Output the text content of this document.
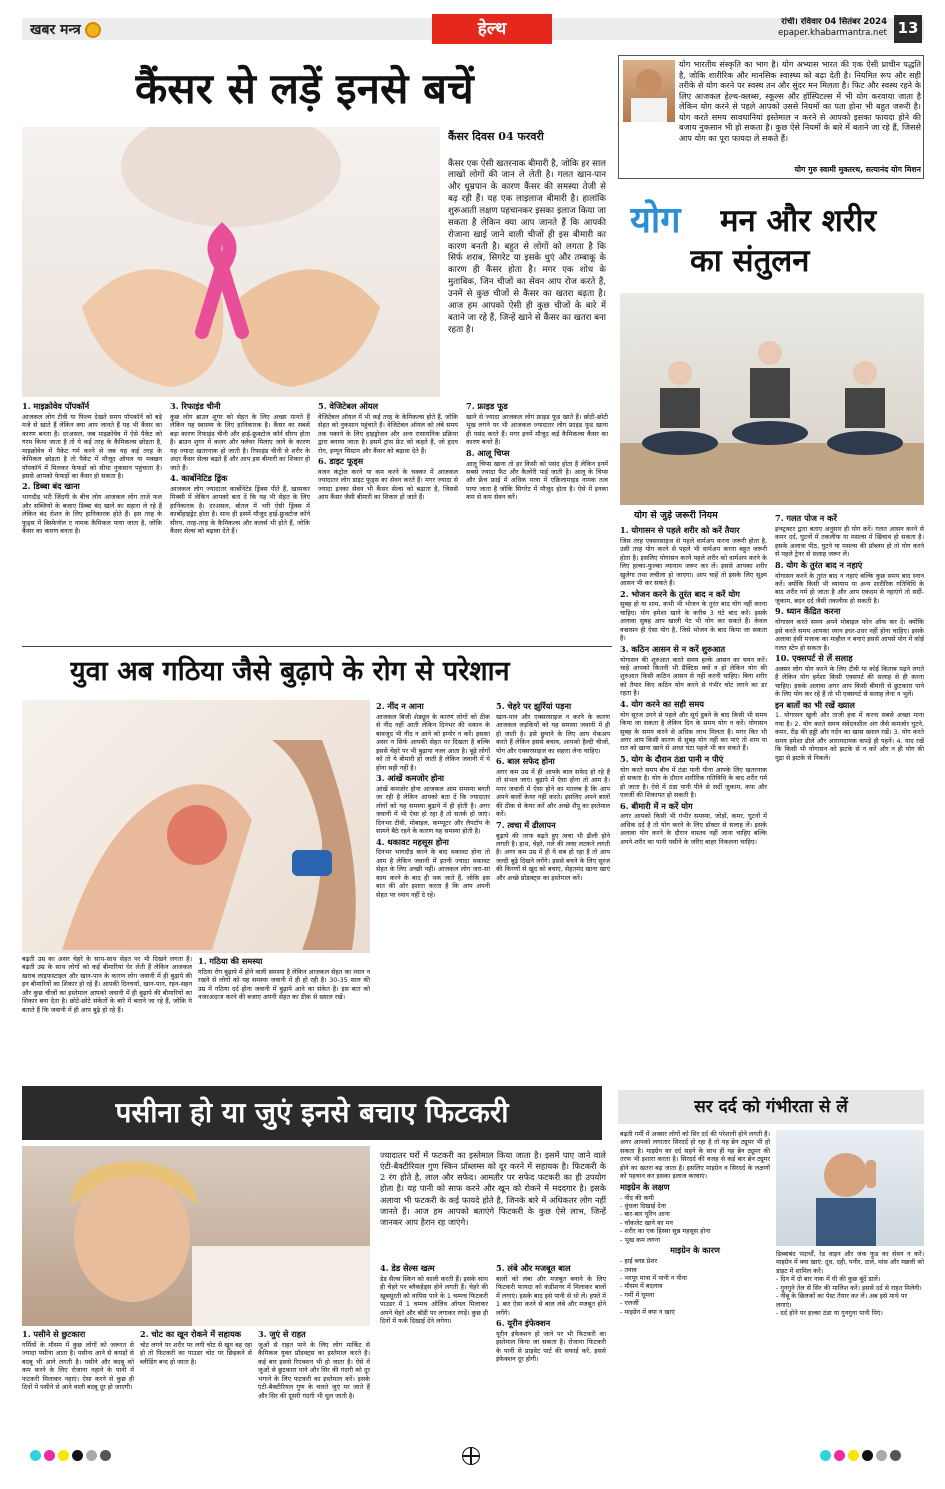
खबर मन्त्र	हेल्थ	रांची। रविवार 04 सितंबर 2024
epaper.khabarmantra.net 13
कैंसर से लड़ें इनसे बचें
कैंसर दिवस 04 फरवरी
कैंसर एक ऐसी खतरनाक बीमारी है, जोकि हर साल लाखों लोगों की जान ले लेती है। गलत खान-पान और धूम्रपान के कारण कैंसर की समस्या तेजी से बढ़ रही हैं। यह एक लाइलाज बीमारी है। हालांकि शुरूआती लक्षण पहचानकर इसका इलाज किया जा सकता है लेकिन क्या आप जानते हैं कि आपकी रोजाना खाई जाने वाली चीजों ही इस बीमारी का कारण बनती है। बहुत से लोगों को लगता है कि सिर्फ शराब, सिगरेट या इसके धुएं और तम्बाकू के कारण ही कैंसर होता है। मगर एक शोध के मुताबिक, जिन चीजों का सेवन आप रोज करते हैं, उनमें से कुछ चीजों से कैंसर का खतरा बढ़ता है। आज हम आपको ऐसी ही कुछ चीजों के बारे में बताने जा रहे हैं, जिन्हें खाने से कैंसर का खतरा बना रहता है।
1. माइक्रोवेव पॉपकॉर्न
आजकल लोग टीवी या फिल्म देखते समय पॉपकॉर्न को बड़े मजे से खाते हैं लेकिन क्या आप जानते हैं यह भी कैंसर का कारण बनता है। दरअसल, जब माइक्रोवेव में ऐसे पैकेट को गरम किया जाता है तो ये कई तरह के कैमिकल्स छोड़ता है, माइक्रोवेव में पैकेट गर्म करने से जब यह कई तरह के केमिकल छोड़ता है तो पैकेट में मौजूद ऑयल या मक्खन पॉपकॉर्न में मिलकर फेफड़ों को सीधा नुकसान पहुंचाता है। इससे आपको फेफड़ों का कैंसर हो सकता है।
2. डिब्बा बंद खाना
भागदौड़ भरी जिंदगी के बीच लोग आजकल लोग ताजे फल और सब्जियों के बजाए डिब्बा बंद खाने का सहारा ले रहे हैं लेकिन बंद रोशन के लिए हानिकारक होते हैं। इस तरह के फूड्स में बिस्फेनॉल ए नामक कैमिकल पाया जाता है, जोकि कैंसर का कारण बनता है।
3. रिफाइंड चीनी
कुछ लोग ब्राउन शुगर को सेहत के लिए अच्छा मानते हैं लेकिन यह स्वास्थ्य के लिए हानिकारक है। कैंसर का सबसे बड़ा कारण रिफाइंड चीनी और हाई-फ्रुक्टोज कॉर्न सीरप होता है। ब्राउन शुगर में कलर और फ्लेवर मिलाए जाने के कारण यह ज्यादा खतरनाक हो जाती है। रिफाइंड चीनी से शरीर के अंदर कैंसर सेल्स बढ़ते हैं और आप इस बीमारी का शिकार हो जाते हैं।
4. कार्बोनेटिड ड्रिंक
आजकल लोग ज्यादातर कार्बोनेटेड ड्रिंक्स पीते हैं, खासकर मिक्सी में लेकिन आपको बता दें कि यह भी सेहत के लिए हानिकारक है। दरअसल, बोतल में भरी ऐसी ड्रिंक्स में कार्बोहाइड्रेट होता है। साथ ही इसमें मौजूद हाई-फ्रुक्टोज कॉर्न सीरप, तरह-तरह के कैमिकल्स और कलर्स भी होते हैं, जोकि कैंसर सेल्स को बढ़ावा देते हैं।
5. वेजिटेबल ऑयल
वेजिटेबल ऑयल में भी कई तरह के केमिकल्स होते हैं, जोकि सेहत को नुकसान पहुंचाते हैं। वेजिटेबल ऑयल को लंबे समय तक पकाने के लिए हाइड्रोजन और अन्य रासायनिक प्रक्रिया द्वारा बनाया जाता है। इसमें ट्रांस फ्रेट को कहते हैं, जो हृदय रोग, इम्यून सिस्टम और कैंसर को बढ़ावा देते हैं।
6. डाइट फूड्स
वजन कंट्रोल करने या कम करने के चक्कर में आजकल ज्यादातर लोग डाइट फूड्स का सेवन करते हैं। मगर ज्यादा से ज्यादा इनका सेवन भी कैंसर सेल्स को बढ़ाता है, जिससे आप कैंसर जैसी बीमारी का शिकार हो जाते हैं।
7. फ्राइड फूड
खाने से ज्यादा आजकल लोग फ्राइड फूड खाते हैं। छोटी-छोटी भूख लगने पर भी आजकल ज्यादातर लोग फ्राइड फूड खाना ही पसंद करते हैं। मगर इनमें मौजूद कई कैमिकल्स कैंसर का कारण बनते हैं।
8. आलू चिप्स
आलू चिप्स खाना तो हर किसी को पसंद होता है लेकिन इनमें सबसे ज्यादा फैट और कैलोरी पाई जाती है। आलू के चिप्स और फ्रेंच फ्राई में अधिक मात्रा में एक्रिलामाइड नामक तत्व पाया जाता है जोकि सिगरेट में मौजूद होता है। ऐसे में इनका कम से कम सेवन करें।
योग भारतीय संस्कृति का भाग है। योग अभ्यास भारत की एक ऐसी प्राचीन पद्धति है, जोकि शारीरिक और मानसिक स्वास्थ्य को बढ़ा देती है। नियमित रूप और सही तरीके से योग करने पर स्वस्थ तन और सुंदर मन मिलता है। फिट और स्वस्थ रहने के लिए आजकल हेल्थ-क्लब्स, स्कूल्स और हॉस्पिटल्स में भी योग करवाया जाता है लेकिन योग करने से पहले आपको उससे नियमों का पता होना भी बहुत जरूरी है। योग करते समय सावधानियां इस्तेमाल न करने से आपको इसका फायदा होने की बजाय नुकसान भी हो सकता है। कुछ ऐसे नियमों के बारे में बताने जा रहे हैं, जिससे आप योग का पूरा फायदा ले सकते हैं।
योग गुरु स्वामी मुक्तरथ, सत्यानंद योग मिशन
योग	मन और शरीर
का संतुलन
योग से जुड़े जरूरी नियम
1. योगासन से पहले शरीर को करें तैयार
जिस तरह एक्सरसाइज से पहले वार्मअप करना जरूरी होता है, उसी तरह योग करने से पहले भी वार्मअप करना बहुत जरूरी होता है। इसलिए योगासन करने पहले शरीर को वार्मअप करने के लिए हल्का-फुल्का व्यायाम जरूर कर लें। इससे आपका शरीर खुलेगा तथा लचीला हो जाएगा। आप चाहें तो इसके लिए सूक्ष्म आसन भी कर सकते हैं।
2. भोजन करने के तुरंत बाद न करें योग
सुबह हो या शाम, कभी भी भोजन के तुरंत बाद योग नहीं करना चाहिए। योग हमेशा खाने के करीब 3 घंटे बाद करें। इसके अलावा सुबह आप खाली पेट भी योग कर सकते हैं। केवल वज्रासन ही ऐसा योग है, जिसे भोजन के बाद किया जा सकता है।
3. कठिन आसन से न करें शुरुआत
योगासन की शुरुआत करते समय हल्के आसन का चयन करें। चाहे आपको कितनी भी प्रैक्टिस क्यों न हो लेकिन योग की शुरुआत किसी कठिन आसन से नहीं करनी चाहिए। बिना शरीर को तैयार किए कठिन योग करने से गंभीर चोट लगने का डर रहता है।
4. योग करने का सही समय
योग सूरज उगने से पहले और सूर्य डूबने के बाद किसी भी समय किया जा सकता है लेकिन दिन के समय योग न करें। योगासन सुबह के समय करने से अधिक लाभ मिलता है। मगर किर भी अगर आप किसी कारण से सुबह योग नहीं कर पाएं तो शाम या रात को खाना खाने से आधा घंटा पहले भी कर सकते हैं।
5. योग के दौरान ठंडा पानी न पीएं
योग करते समय बीच में ठंडा पानी पीना आपके लिए खतरनाक हो सकता है। योग के दौरान शारीरिक गतिविधि के बाद शरीर गर्म हो जाता है। ऐसे में ठंडा पानी पीने से सर्दी जुकाम, कफ और एलर्जी की शिकायत हो सकती है।
6. बीमारी में न करें योग
अगर आपको किसी भी गंभीर समस्या, जोड़ों, कमर, घुटनों में अधिक दर्द है तो योग करने के लिए डॉक्टर से सलाह लें। इसके अलावा योग करने के दौरान वास्तव नहीं जाना चाहिए बल्कि अपने शरीर का पानी पसीने के जरिए बाहर निकलना चाहिए।
7. गलत पोज न करें
इन्स्ट्रक्टर द्वारा बताए अनुसार ही योग करें। गलत आसन करने से कमर दर्द, घुटनों में तकलीफ या मसल्स में खिंचाव हो सकता है। इसके अलावा पीठ, घुटने या मसल्स की प्रॉब्लम हो तो योग करने से पहले ट्रेनर से सलाह जरूर लें।
8. योग के तुरंत बाद न नहाएं
योगासन करने के तुरंत बाद न नहाएं बल्कि कुछ समय बाद स्नान करें। क्योंकि किसी भी व्यायाम या अन्य शारीरिक गतिविधि के बाद शरीर गर्म हो जाता है और आप एकदम से नहाएंगे तो सर्दी-जुकाम, बदन दर्द जैसी तकलीफ हो सकती है।
9. ध्यान केंद्रित करना
योगासन करते समय अपने मोबाइल फोन ऑफ कर दें। क्योंकि इसे करते समय आपका ध्यान इधर-उधर नहीं होना चाहिए। इसके अलावा हंसी मजाक का माहौल न बनाएं इससे आपसे योग में कोई गलत स्टेप हो सकता है।
10. एक्सपर्ट से लें सलाह
अक्सर लोग योग करने के लिए टीवी या कोई किताब पढ़ने लगते हैं लेकिन योग हमेशा किसी एक्सपर्ट की सलाह से ही करना चाहिए। इसके अलावा अगर आप किसी बीमारी से छुटकारा पाने के लिए योग कर रहे हैं तो भी एक्सपर्ट से सलाह लेना न भूलें।
इन बातों का भी रखें ख्याल
1. योगासन खुली और ताजी हवा में करना सबसे अच्छा माना गया है। 2. योग करते समय संवेदनशील अंग जैसे कमजोर घुटने, कमर, रीढ़ की हड्डी और गर्दन का खास ख्याल रखें। 3. योग करते समय हमेशा ढीले और आरामदायक कपड़े ही पहनें। 4. याद रखें कि किसी भी योगासन को झटके से न करें और न ही योग की मुद्रा से झटके से निकलें।
युवा अब गठिया जैसे बुढ़ापे के रोग से परेशान
बढ़ती उम्र का असर चेहरे के साथ-साथ सेहत पर भी दिखने लगता है। बढ़ती उम्र के साथ लोगों को कई बीमारियां घेर लेती हैं लेकिन आजकल खराब लाइफस्टाइल और खान-पान के कारण लोग जवानी में ही बुढ़ापे की इन बीमारियों का शिकार हो रहे हैं। आपकी दिनचर्या, खान-पान, रहन-सहन और कुछ चीजों का इस्तेमाल आपको जवानी में ही बुढ़ापे की बीमारियों का शिकार बना देता है। छोटे-छोटे संकेतों के बारे में बताने जा रहे हैं, जोकि ये बताते हैं कि जवानी में ही आप बुढ़े हो रहे हैं।
1. गठिया की समस्या
गठिया रोग बुढ़ापे में होने वाली समस्या है लेकिन आजकल सेहत का ध्यान न रखने से लोगों को यह समस्या जवानी में ही हो रही है। 30-35 साल की उम्र में गठिया दर्द होना जवानी में बुढ़ापे आने का संकेत है। इस बात को नजरअंदाज करने की बजाए अपनी सेहत का ठीक से ख्याल रखें।
2. नींद न आना
आजकल बिजी शेड्यूल के कारण लोगों को ठीक से नींद नहीं आती लेकिन दिनभर की थकान के बावजूद भी नींद न आने को इग्नोर न करें। इसका असर न सिर्फ आपकी सेहत पर दिखता है बल्कि इससे चेहरे पर भी बुढ़ापा नजर आता है। बूढ़े लोगों को तो ये बीमारी हो जाती है लेकिन जवानी में ये होना सही नहीं है।
3. आंखें कमजोर होना
आंखें कमजोर होना आजकल आम समस्या बनती जा रही है लेकिन आपको बता दें कि ज्यादातर लोगों को यह समस्या बुढ़ापे में ही होती है। अगर जवानी में भी ऐसा हो रहा है तो सतर्क हो जाएं। दिनभर टीवी, मोबाइल, कम्प्यूटर और लैपटॉप के सामने बैठे रहने के कारण यह समस्या होती है।
4. थकावट महसूस होना
दिनभर भागदौड़ करने के बाद थकावट होना तो आम है लेकिन जवानी में इतनी ज्यादा थकावट सेहत के लिए अच्छी नहीं। आजकल लोग जरा-सा काम करने के बाद ही थक जाते हैं, जोकि इस बात की ओर इशारा करता है कि आप अपनी सेहत पर ध्यान नहीं दे रहे।
5. चेहरे पर झुर्रियां पड़ना
खान-पान और एक्सरसाइज न करने के कारण आजकल लड़कियों को यह समस्या जवानी में ही हो जाती है। इसे छुपाने के लिए आप मेकअप करते हैं लेकिन इससे बचाव, आपको हैल्दी चीजों, योग और एक्सरसाइज का सहारा लेना चाहिए।
6. बाल सफेद होना
अगर कम उम्र में ही आपके बाल सफेद हो रहे हैं तो संभल जाएं। बुढ़ापे में ऐसा होना तो आम है। मगर जवानी में ऐसा होने का मतलब है कि आप अपने बालों केयर नहीं करते। इसलिए अपने बालों की ठीक से केयर करें और अच्छे शैंपू का इस्तेमाल करें।
7. त्वचा में ढीलापन
बुढ़ापे की तरफ बढ़ते हुए त्वचा भी ढीली होने लगती है। हाथ, चेहरे, गले की त्वचा लटकने लगती है। अगर कम उम्र में ही ये सब हो रहा है तो आप जल्दी बूढ़े दिखने लगेंगे। इससे बचने के लिए सूरज की किरणों से खुद को बचाएं, सेहतमंद खाना खाएं और अच्छे प्रोडक्ट्स का इस्तेमाल करें।
पसीना हो या जुएं इनसे बचाए फिटकरी
ज्यादातर घरों में फटकरी का इस्तेमाल किया जाता है। इसमें पाए जाने वाले एंटी-बैक्टीरियल गुण स्किन प्रॉब्लम्स को दूर करने में सहायक है। फिटकरी के 2 रंग होते है, लाल और सफेद। आमतौर पर सफेद फटकरी का ही उपयोग होता है। यह पानी को साफ करने और खून को रोकने में मददगार है। इसके अलावा भी फटकरी के कई फायदे होते है, जिनके बारे में अधिकतर लोग नहीं जानते हैं। आज हम आपको बताएंगे फिटकरी के कुछ ऐसे लाभ, जिन्हें जानकर आप हैरान रह जाएंगे।
1. पसीने से छुटकारा
गर्मियों के मौसम में कुछ लोगों को जरूरत से ज्यादा पसीना आता है। पसीना आने से कपड़ों से बदबू भी आने लगती है। पसीने और बदबू को कम करने के लिए रोजाना नहाने के पानी में फटकरी मिलाकर नहाएं। ऐसा करने से कुछ ही दिनों में पसीने से आने वाली बदबू दूर हो जाएगी।
2. चोट का खून रोकने में सहायक
चोट लगने पर शरीर पर लगी चोट से खून बह रहा हो तो फिटकरी का पाउडर चोट पर छिड़कने से ब्लीडिंग बन्द हो जाता है।
3. जुएं से राहत
जुओं से राहत पाने के लिए लोग मार्किट से कैमिकल युक्त प्रॉडक्ट्स का इस्तेमाल करते है। कई बार इससे रिएक्शन भी हो जाता है। ऐसे में जुओं से छुटकारा पाने और सिर की गंदगी को दूर भगाने के लिए फटकरी का इस्तेमाल करें। इसके एंटी-बैक्टीरियल गुण के चलते जुएं मर जाते हैं और सिर की दूसरी गंदगी भी धुल जाती है।
4. डेड सेल्स खत्म
डेड सैल्स स्किन को काली करती हैं। इसके साथ ही चेहरे पर ब्लैकहेड्स होने लगती हैं। चेहरे की खूबसूरती को वापिस पाने के 1 चम्मच फिटकरी पाउडर में 1 चम्मच ऑलिव ऑयल मिलाकर अपने चेहरे और बॉडी पर लगाकर रगड़ें। कुछ ही दिनों में फर्क दिखाई देने लगेगा।
5. लंबे और मजबूत बाल
बालों को लंबा और मजबूत बनाने के लिए फिटकरी फायदा को कंडीशनर में मिलाकर बालों में लगाएं। इसके बाद इसे पानी से धो लें। हफ्ते में 1 बार ऐसा करने से बाल लंबे और मजबूत होने लगेंगे।
6. यूरीन इंफेक्शन
यूरीन इंफेक्शन हो जाने पर भी फिटकरी का इस्तेमाल किया जा सकता है। रोजाना फिटकरी के पानी से प्राइवेट पार्ट की सफाई करें, इससे इंफेक्शन दूर होगी।
सर दर्द को गंभीरता से लें
बढ़ती गर्मी में अक्सर लोगों को सिर दर्द की परेशानी होने लगती है। अगर आपको लगातार सिरदर्द हो रहा है तो यह ब्रेन ट्यूमर भी हो सकता है। माइग्रेन का दर्द सहने के साथ ही यह ब्रेन ट्यूमर की तरफ भी इशारा करता है। सिरदर्द की वजह से कई बार ब्रेन ट्यूमर होने का खतरा बढ़ जाता है। इसलिए माइग्रेन व सिरदर्द के लक्षणों को पहचान कर इसका इलाज करवाएं।
माइग्रेन के लक्षण
- नींद की कमी
- धुंधला दिखाई देना
- बार-बार यूरिन आना
- चॉकलेट खाने का मन
- शरीर का एक हिस्सा सुन्न महसूस होना
- भूख कम लगना
माइग्रेन के कारण
- हाई ब्लड प्रेशर
- तनाव
- भरपूर मात्रा में पानी न पीना
- मौसम में बदलाव
- गर्मी में घूमना
- एलर्जी
- माइग्रेन में क्या न खाएं
डिब्बाबंद पदार्थों, रेड वाइन और जंक फूड का सेवन न करें। माइग्रेन में क्या खाएं: दूध, दही, पनीर, दालें, मांस और मछली को डाइट में शामिल करें।
- दिन में दो बार नाक में घी की कुछ बूंदें डालें।
- गुनगुने तेल से सिर की मालिश करें। इससे दर्द से राहत मिलेगी।
- नींबू के छिलकों का पेस्ट तैयार कर लें। अब इसे माथे पर लगाएं।
- दर्द होने पर हल्का ठंडा या गुनगुना पानी पिएं।
